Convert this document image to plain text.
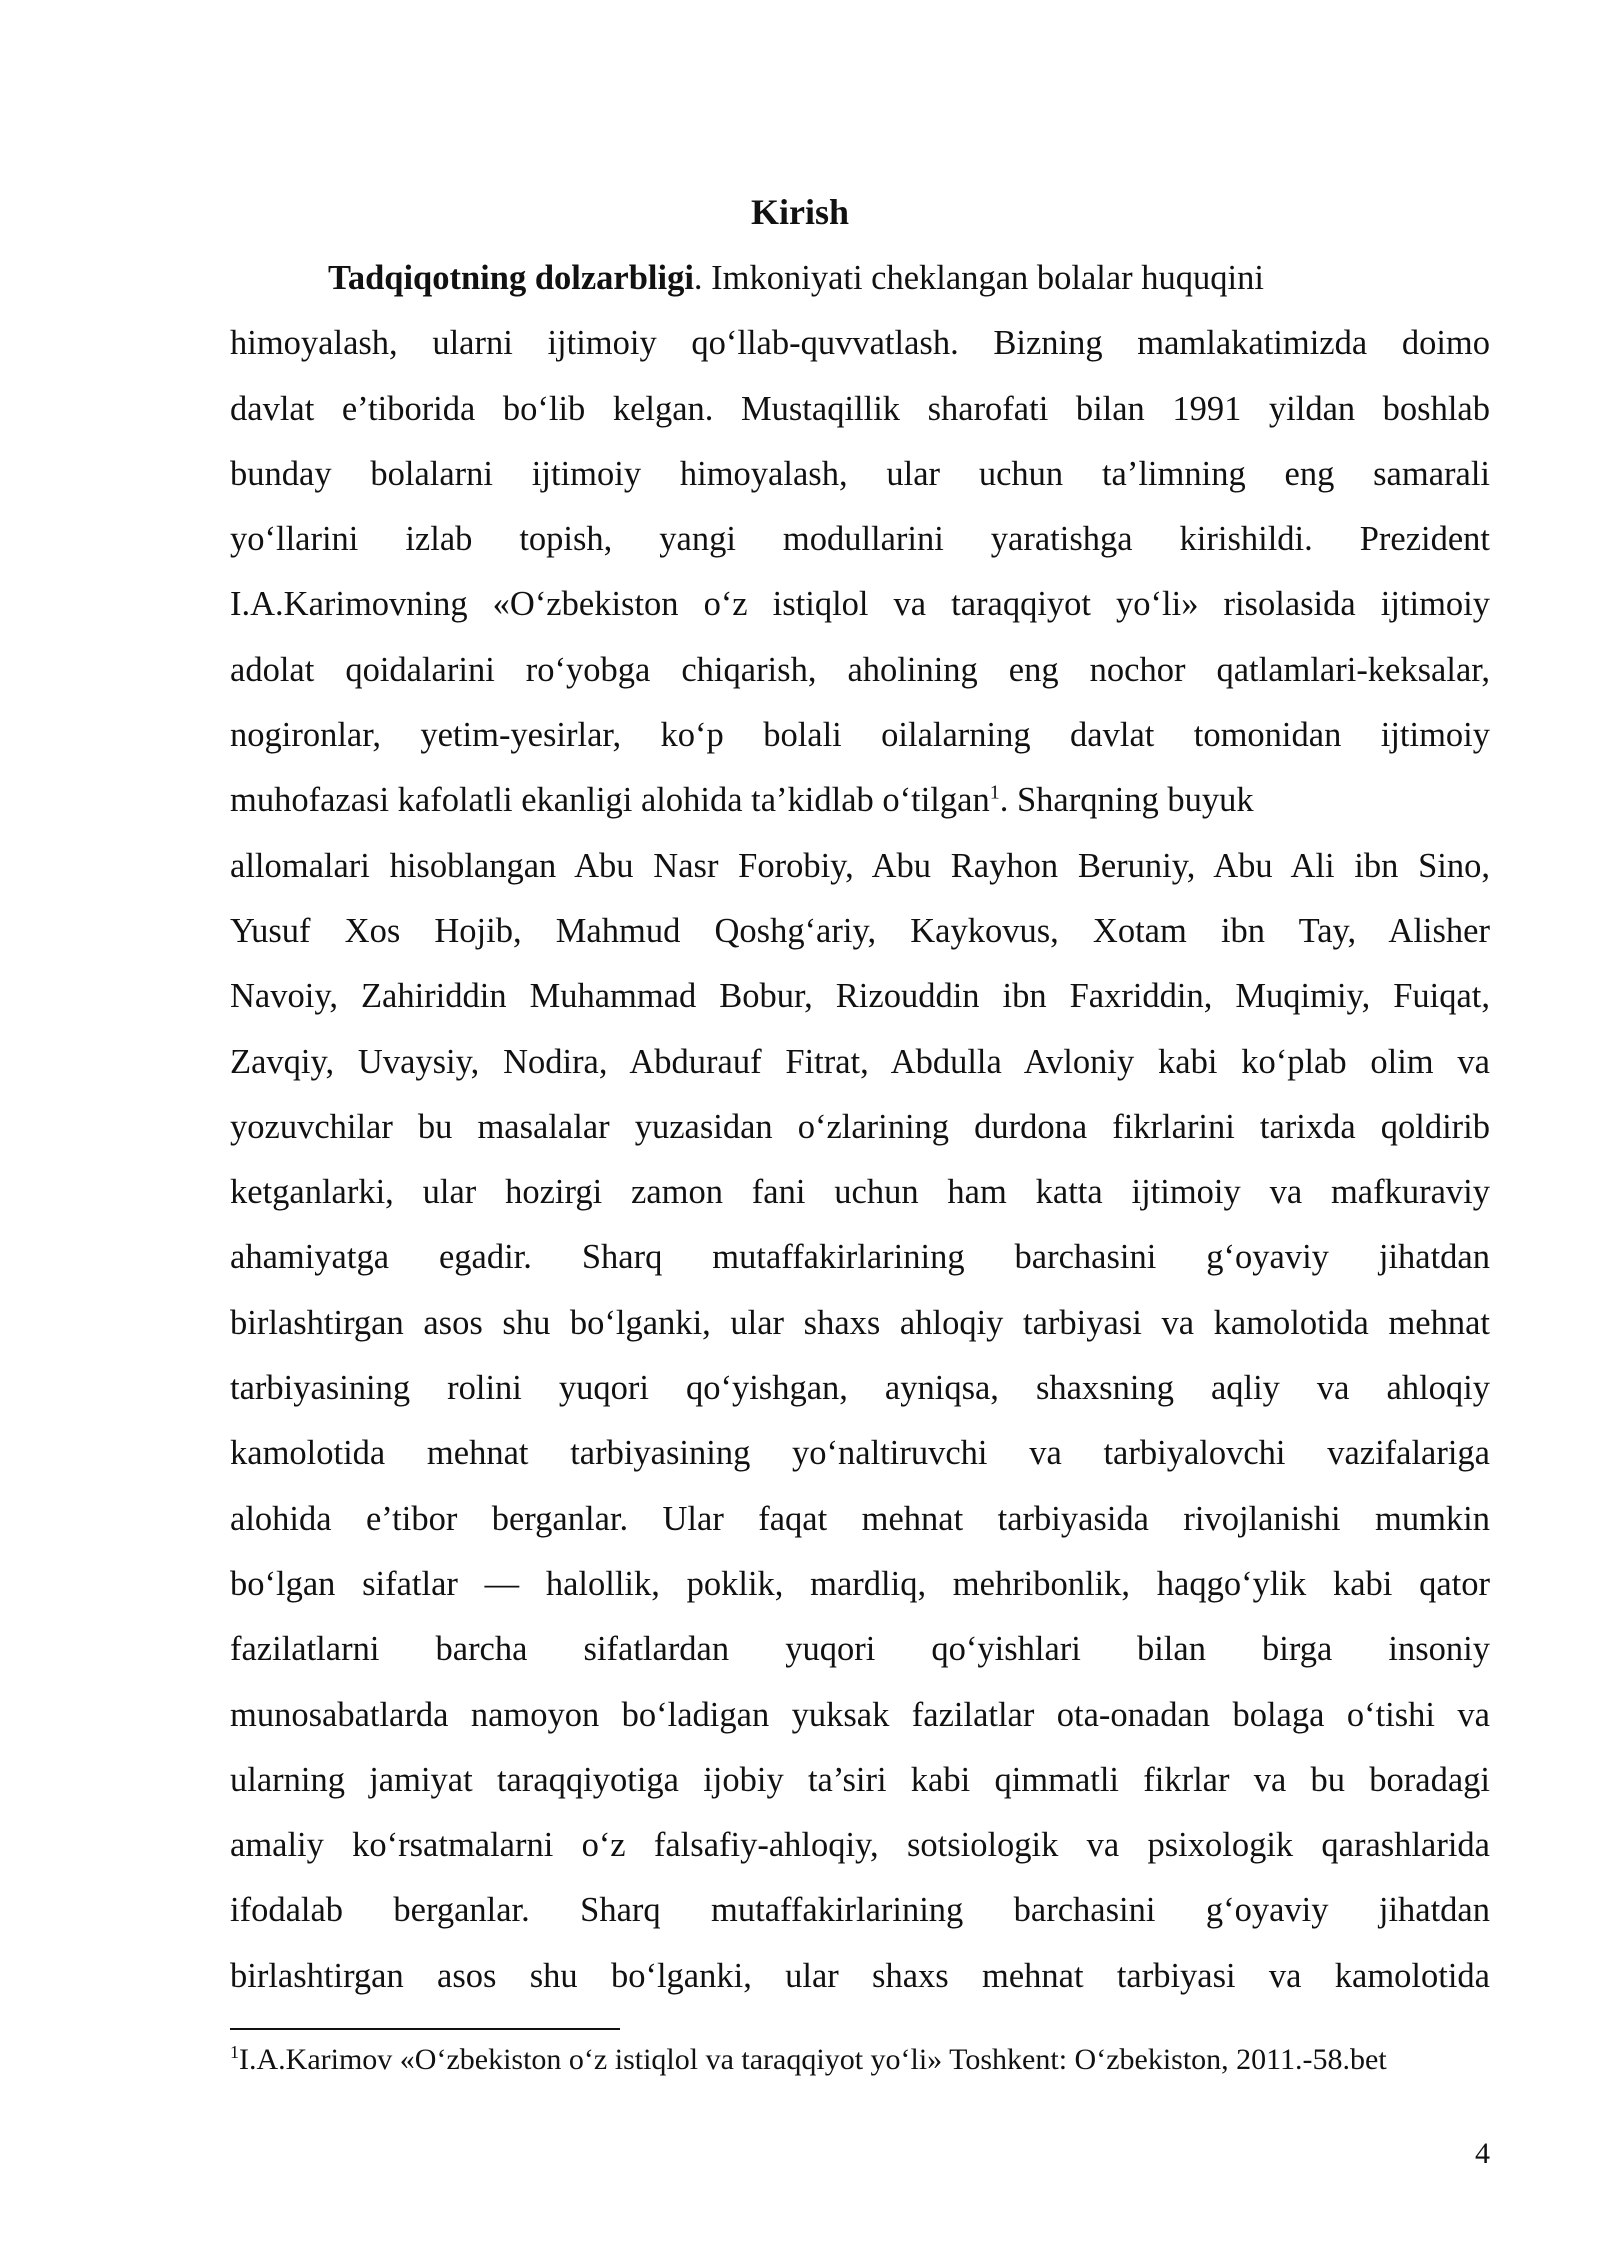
Kirish
Tadqiqotning dolzarbligi. Imkoniyati cheklangan bolalar huquqini
himoyalash, ularni ijtimoiy qo‘llab-quvvatlash. Bizning mamlakatimizda doimo
davlat e’tiborida bo‘lib kelgan. Mustaqillik sharofati bilan 1991 yildan boshlab
bunday bolalarni ijtimoiy himoyalash, ular uchun ta’limning eng samarali
yo‘llarini izlab topish, yangi modullarini yaratishga kirishildi. Prezident
I.A.Karimovning «O‘zbekiston o‘z istiqlol va taraqqiyot yo‘li» risolasida ijtimoiy
adolat qoidalarini ro‘yobga chiqarish, aholining eng nochor qatlamlari-keksalar,
nogironlar, yetim-yesirlar, ko‘p bolali oilalarning davlat tomonidan ijtimoiy
muhofazasi kafolatli ekanligi alohida ta’kidlab o‘tilgan$^1$. Sharqning buyuk
allomalari hisoblangan Abu Nasr Forobiy, Abu Rayhon Beruniy, Abu Ali ibn Sino,
Yusuf Xos Hojib, Mahmud Qoshg‘ariy, Kaykovus, Xotam ibn Tay, Alisher
Navoiy, Zahiriddin Muhammad Bobur, Rizouddin ibn Faxriddin, Muqimiy, Fuiqat,
Zavqiy, Uvaysiy, Nodira, Abdurauf Fitrat, Abdulla Avloniy kabi ko‘plab olim va
yozuvchilar bu masalalar yuzasidan o‘zlarining durdona fikrlarini tarixda qoldirib
ketganlarki, ular hozirgi zamon fani uchun ham katta ijtimoiy va mafkuraviy
ahamiyatga egadir. Sharq mutaffakirlarining barchasini g‘oyaviy jihatdan
birlashtirgan asos shu bo‘lganki, ular shaxs ahloqiy tarbiyasi va kamolotida mehnat
tarbiyasining rolini yuqori qo‘yishgan, ayniqsa, shaxsning aqliy va ahloqiy
kamolotida mehnat tarbiyasining yo‘naltiruvchi va tarbiyalovchi vazifalariga
alohida e’tibor berganlar. Ular faqat mehnat tarbiyasida rivojlanishi mumkin
bo‘lgan sifatlar — halollik, poklik, mardliq, mehribonlik, haqgo‘ylik kabi qator
fazilatlarni barcha sifatlardan yuqori qo‘yishlari bilan birga insoniy
munosabatlarda namoyon bo‘ladigan yuksak fazilatlar ota-onadan bolaga o‘tishi va
ularning jamiyat taraqqiyotiga ijobiy ta’siri kabi qimmatli fikrlar va bu boradagi
amaliy ko‘rsatmalarni o‘z falsafiy-ahloqiy, sotsiologik va psixologik qarashlarida
ifodalab berganlar. Sharq mutaffakirlarining barchasini g‘oyaviy jihatdan
birlashtirgan asos shu bo‘lganki, ular shaxs mehnat tarbiyasi va kamolotida

$^1$I.A.Karimov «O‘zbekiston o‘z istiqlol va taraqqiyot yo‘li» Toshkent: O‘zbekiston, 2011.-58.bet

4
